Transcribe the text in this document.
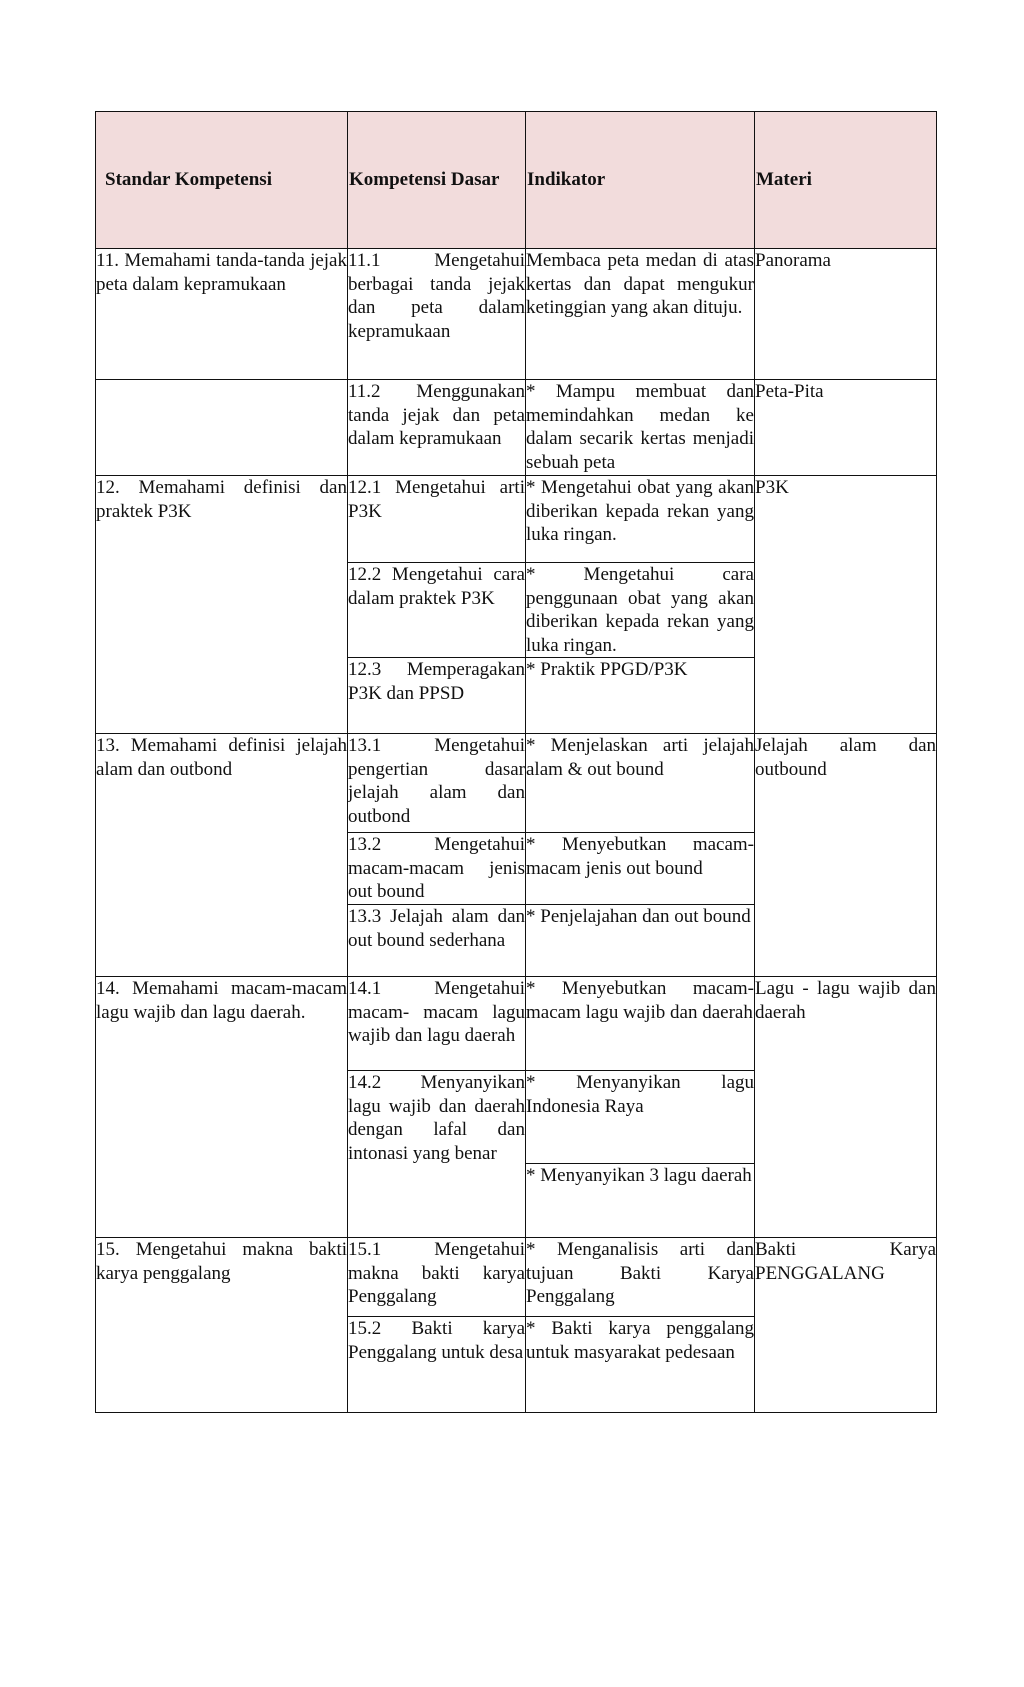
Standar Kompetensi	Kompetensi Dasar	Indikator	Materi
11. Memahami tanda-tanda jejak peta dalam kepramukaan	11.1 Mengetahui berbagai tanda jejak dan peta dalam kepramukaan	Membaca peta medan di atas kertas dan dapat mengukur ketinggian yang akan dituju.	Panorama
	11.2 Menggunakan tanda jejak dan peta dalam kepramukaan	* Mampu membuat dan memindahkan medan ke dalam secarik kertas menjadi sebuah peta	Peta-Pita
12. Memahami definisi dan praktek P3K	12.1 Mengetahui arti P3K	* Mengetahui obat yang akan diberikan kepada rekan yang luka ringan.	P3K
	12.2 Mengetahui cara dalam praktek P3K	* Mengetahui cara penggunaan obat yang akan diberikan kepada rekan yang luka ringan.	
	12.3 Memperagakan P3K dan PPSD	* Praktik PPGD/P3K	
13. Memahami definisi jelajah alam dan outbond	13.1 Mengetahui pengertian dasar jelajah alam dan outbond	* Menjelaskan arti jelajah alam & out bound	Jelajah alam dan outbound
	13.2 Mengetahui macam-macam jenis out bound	* Menyebutkan macam-macam jenis out bound	
	13.3 Jelajah alam dan out bound sederhana	* Penjelajahan dan out bound	
14. Memahami macam-macam lagu wajib dan lagu daerah.	14.1 Mengetahui macam- macam lagu wajib dan lagu daerah	* Menyebutkan macam-macam lagu wajib dan daerah	Lagu - lagu wajib dan daerah
	14.2 Menyanyikan lagu wajib dan daerah dengan lafal dan intonasi yang benar	* Menyanyikan lagu Indonesia Raya	
		* Menyanyikan 3 lagu daerah	
15. Mengetahui makna bakti karya penggalang	15.1 Mengetahui makna bakti karya Penggalang	* Menganalisis arti dan tujuan Bakti Karya Penggalang	Bakti Karya PENGGALANG
	15.2 Bakti karya Penggalang untuk desa	* Bakti karya penggalang untuk masyarakat pedesaan	
